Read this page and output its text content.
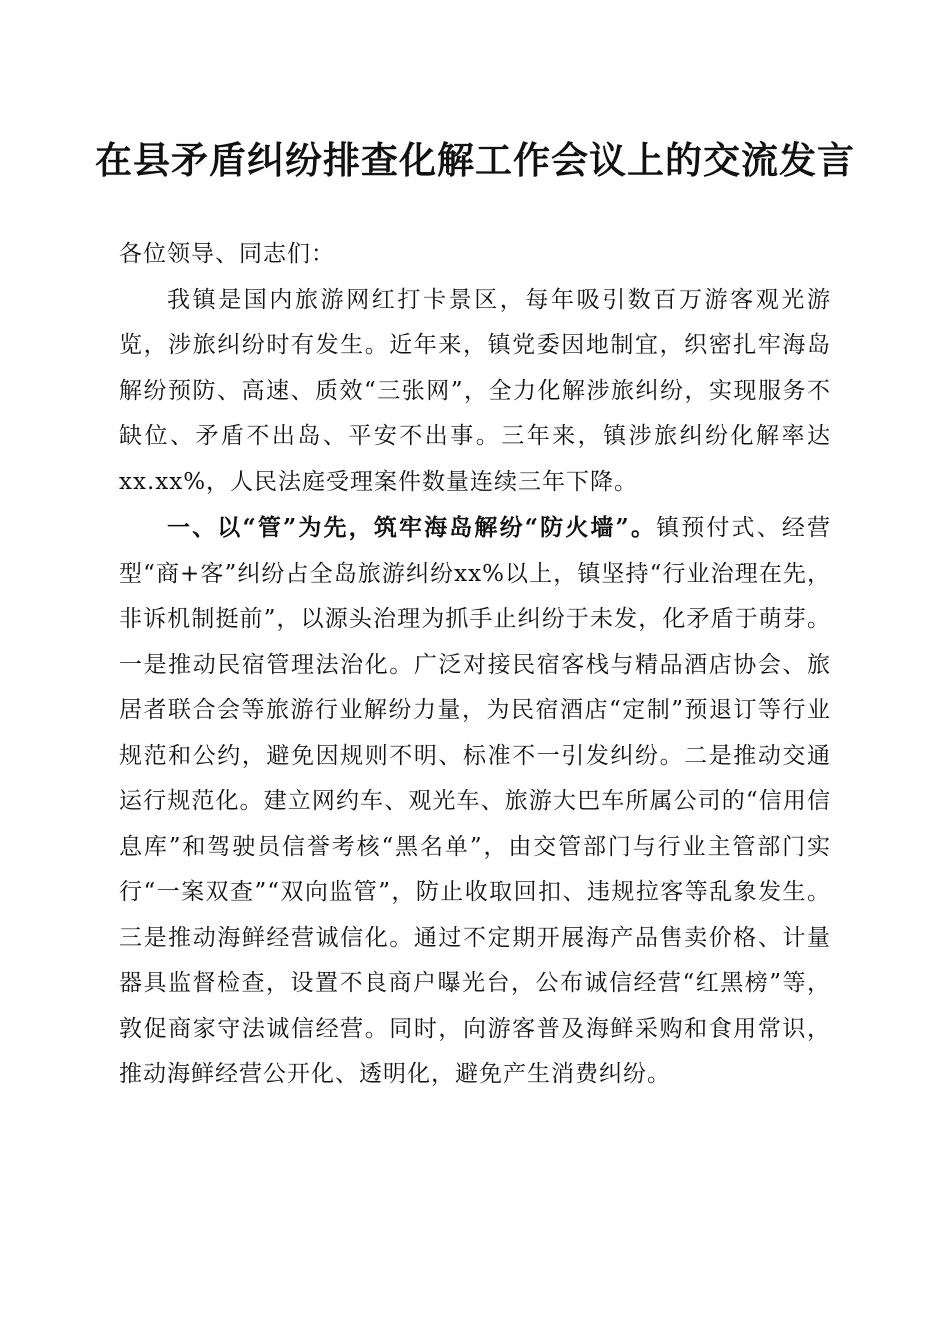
在县矛盾纠纷排查化解工作会议上的交流发言

各位领导、同志们：

我镇是国内旅游网红打卡景区，每年吸引数百万游客观光游览，涉旅纠纷时有发生。近年来，镇党委因地制宜，织密扎牢海岛解纷预防、高速、质效“三张网”，全力化解涉旅纠纷，实现服务不缺位、矛盾不出岛、平安不出事。三年来，镇涉旅纠纷化解率达xx.xx%，人民法庭受理案件数量连续三年下降。

一、以“管”为先，筑牢海岛解纷“防火墙”。镇预付式、经营型“商+客”纠纷占全岛旅游纠纷xx%以上，镇坚持“行业治理在先，非诉机制挺前”，以源头治理为抓手止纠纷于未发，化矛盾于萌芽。一是推动民宿管理法治化。广泛对接民宿客栈与精品酒店协会、旅居者联合会等旅游行业解纷力量，为民宿酒店“定制”预退订等行业规范和公约，避免因规则不明、标准不一引发纠纷。二是推动交通运行规范化。建立网约车、观光车、旅游大巴车所属公司的“信用信息库”和驾驶员信誉考核“黑名单”，由交管部门与行业主管部门实行“一案双查”“双向监管”，防止收取回扣、违规拉客等乱象发生。三是推动海鲜经营诚信化。通过不定期开展海产品售卖价格、计量器具监督检查，设置不良商户曝光台，公布诚信经营“红黑榜”等，敦促商家守法诚信经营。同时，向游客普及海鲜采购和食用常识，推动海鲜经营公开化、透明化，避免产生消费纠纷。
